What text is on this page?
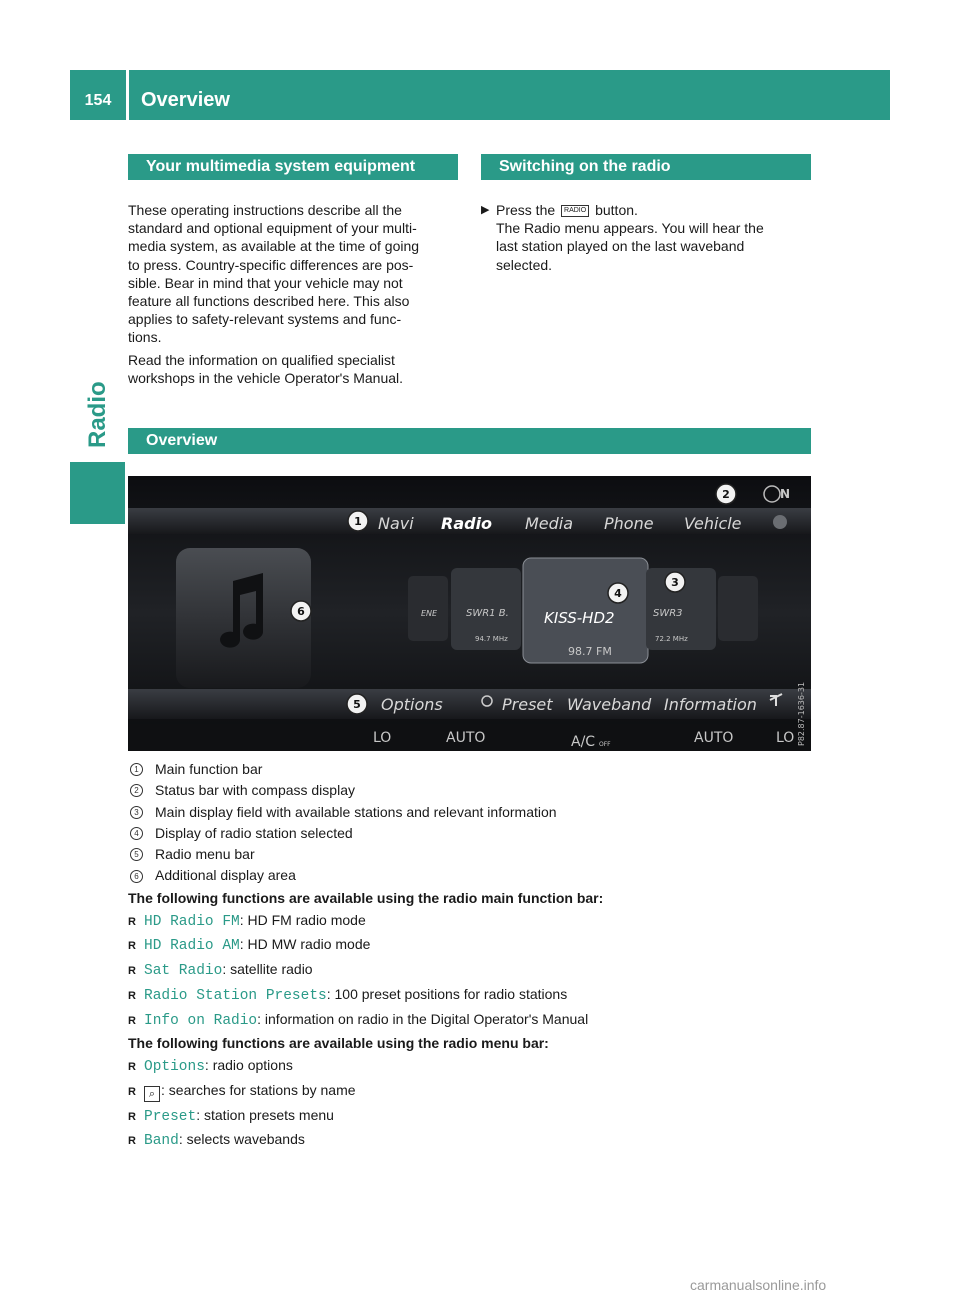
154	Overview
Radio
Your multimedia system equipment

These operating instructions describe all the
standard and optional equipment of your multi-
media system, as available at the time of going
to press. Country-specific differences are pos-
sible. Bear in mind that your vehicle may not
feature all functions described here. This also
applies to safety-relevant systems and func-
tions.

Read the information on qualified specialist
workshops in the vehicle Operator's Manual.

Switching on the radio
▶ Press the RADIO button.
The Radio menu appears. You will hear the
last station played on the last waveband
selected.
Overview
Navi Radio Media Phone Vehicle
Options	Preset Waveband Information
KISS-HD2
98.7 FM
SWR1 B.
94.7 MHz
SWR3
72.2 MHz
ENE
N
LO	AUTO	A/C OFF	AUTO	LO P82.87-1636-31
1
2
3
4
5
6
1	Main function bar
2	Status bar with compass display
3	Main display field with available stations and relevant information
4	Display of radio station selected
5	Radio menu bar
6	Additional display area
The following functions are available using the radio main function bar:
R HD Radio FM: HD FM radio mode
R HD Radio AM: HD MW radio mode
R Sat Radio: satellite radio
R Radio Station Presets: 100 preset positions for radio stations
R Info on Radio: information on radio in the Digital Operator's Manual
The following functions are available using the radio menu bar:
R Options: radio options
R	⌕ : searches for stations by name
R Preset: station presets menu
R Band: selects wavebands
carmanualsonline.info
